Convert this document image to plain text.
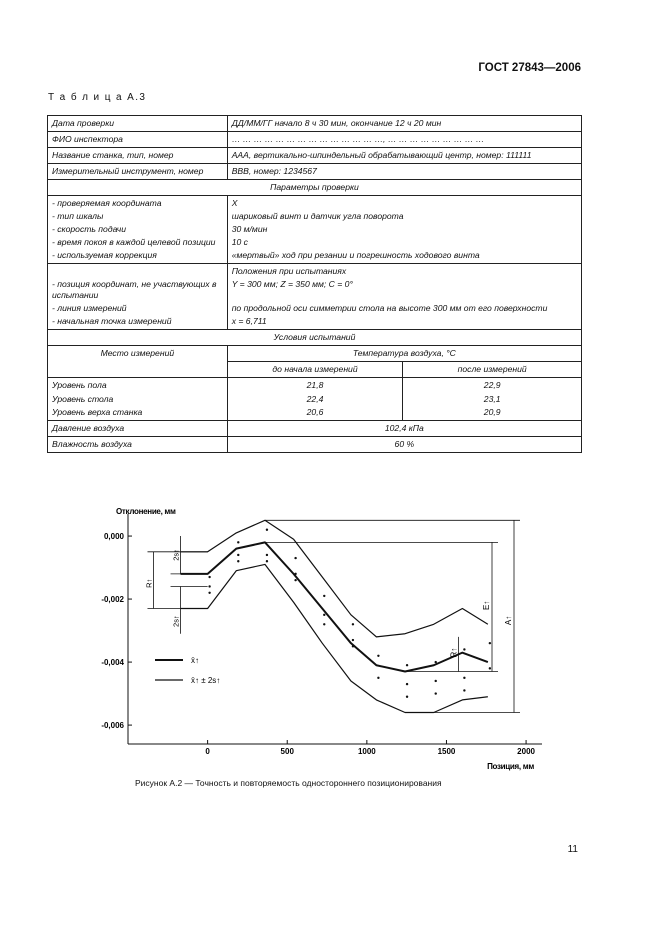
ГОСТ 27843—2006
Т а б л и ц а А.3
Дата проверки	ДД/ММ/ГГ начало 8 ч 30 мин, окончание 12 ч 20 мин	
ФИО инспектора	… … … … … … … … … … … … … …, … … … … … … … … …	
Название станка, тип, номер	ААА, вертикально-шпиндельный обрабатывающий центр, номер: 111111	
Измерительный инструмент, номер	ВВВ, номер: 1234567	
Параметры проверки		
- проверяемая координата	X	
- тип шкалы	шариковый винт и датчик угла поворота	
- скорость подачи	30 м/мин	
- время покоя в каждой целевой позиции	10 с	
- используемая коррекция	«мертвый» ход при резании и погрешность ходового винта	
	Положения при испытаниях	
- позиция координат, не участвующих в испытании	Y = 300 мм; Z = 350 мм; C = 0°	
- линия измерений	по продольной оси симметрии стола на высоте 300 мм от его поверхности	
- начальная точка измерений	x = 6,711	
Условия испытаний		
Место измерений	Температура воздуха, °С	
	до начала измерений	после измерений
Уровень пола	21,8	22,9
Уровень стола	22,4	23,1
Уровень верха станка	20,6	20,9
Давление воздуха	102,4 кПа	
Влажность воздуха	60 %	
Отклонение, мм
Позиция, мм
0,000
-0,002
-0,004
-0,006
0	500	1000	1500	2000
A↑
E↑
R↑
2s↑
R↑
2s↑
x̄↑
x̄↑ ± 2s↑
Рисунок А.2 — Точность и повторяемость одностороннего позиционирования
11
